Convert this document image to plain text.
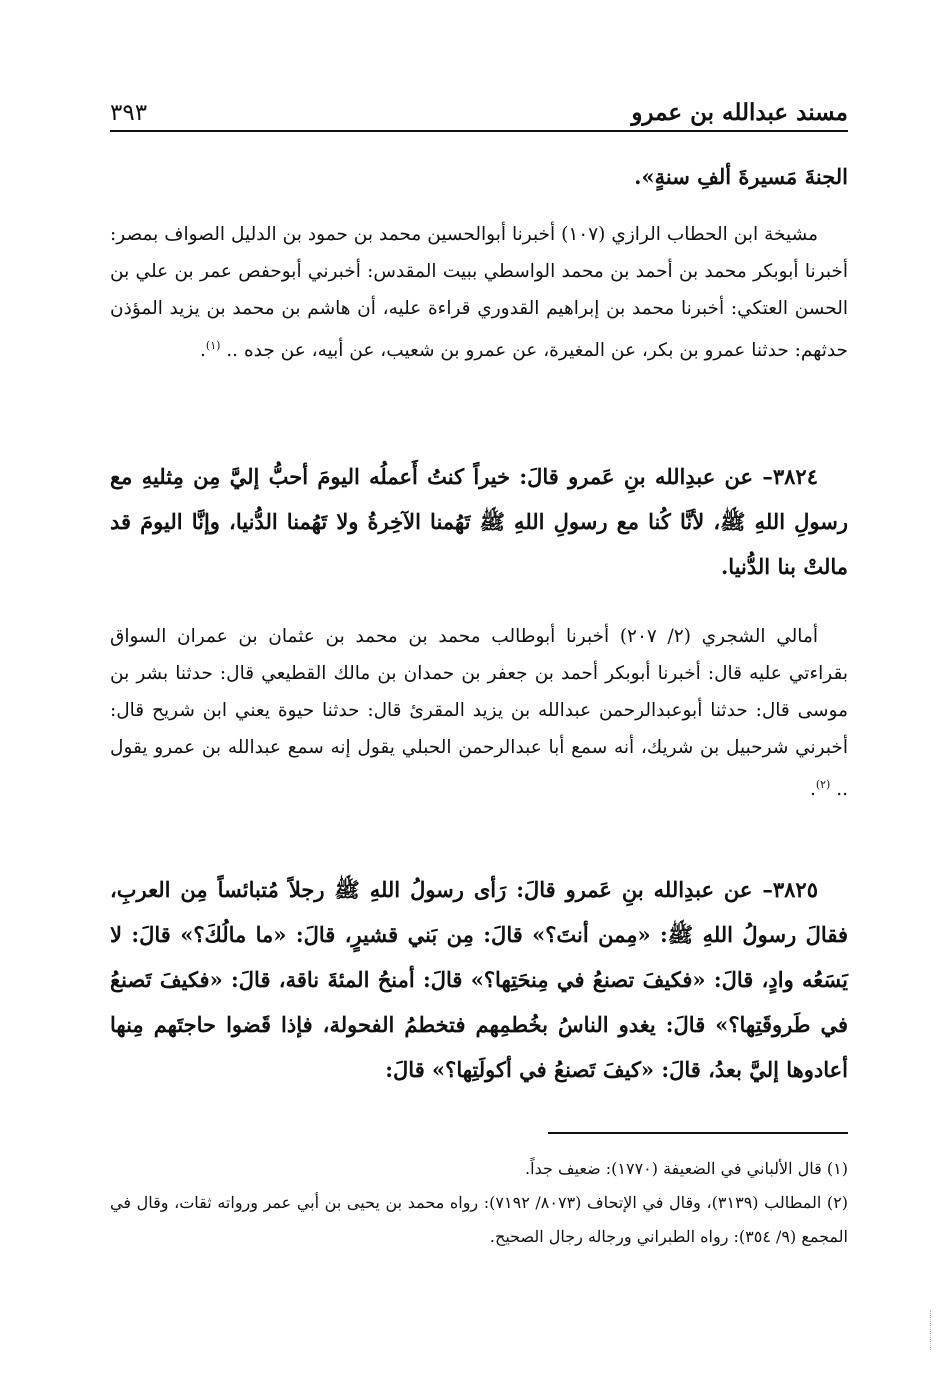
مسند عبدالله بن عمرو
٣٩٣
الجنةَ مَسيرةَ ألفِ سنةٍ».
مشيخة ابن الحطاب الرازي (١٠٧) أخبرنا أبوالحسين محمد بن حمود بن الدليل الصواف بمصر: أخبرنا أبوبكر محمد بن أحمد بن محمد الواسطي ببيت المقدس: أخبرني أبوحفص عمر بن علي بن الحسن العتكي: أخبرنا محمد بن إبراهيم القدوري قراءة عليه، أن هاشم بن محمد بن يزيد المؤذن حدثهم: حدثنا عمرو بن بكر، عن المغيرة، عن عمرو بن شعيب، عن أبيه، عن جده .. $^{(١)}$.
٣٨٢٤– عن عبدِالله بنِ عَمرو قالَ: خيراً كنتُ أَعملُه اليومَ أحبُّ إليَّ مِن مِثليهِ مع رسولِ اللهِ ﷺ، لأنَّا كُنا مع رسولِ اللهِ ﷺ تَهُمنا الآخِرةُ ولا تَهُمنا الدُّنيا، وإنَّا اليومَ قد مالتْ بنا الدُّنيا.
أمالي الشجري (٢/ ٢٠٧) أخبرنا أبوطالب محمد بن محمد بن عثمان بن عمران السواق بقراءتي عليه قال: أخبرنا أبوبكر أحمد بن جعفر بن حمدان بن مالك القطيعي قال: حدثنا بشر بن موسى قال: حدثنا أبوعبدالرحمن عبدالله بن يزيد المقرئ قال: حدثنا حيوة يعني ابن شريح قال: أخبرني شرحبيل بن شريك، أنه سمع أبا عبدالرحمن الحبلي يقول إنه سمع عبدالله بن عمرو يقول .. $^{(٢)}$.
٣٨٢٥– عن عبدِالله بنِ عَمرو قالَ: رَأى رسولُ اللهِ ﷺ رجلاً مُتبائساً مِن العربِ، فقالَ رسولُ اللهِ ﷺ: «مِمن أنتَ؟» قالَ: مِن بَني قشيرٍ، قالَ: «ما مالُكَ؟» قالَ: لا يَسَعُه وادٍ، قالَ: «فكيفَ تصنعُ في مِنحَتِها؟» قالَ: أمنحُ المئةَ ناقة، قالَ: «فكيفَ تَصنعُ في طَروقَتِها؟» قالَ: يغدو الناسُ بخُطمِهم فتخطمُ الفحولة، فإذا قَضوا حاجتَهم مِنها أعادوها إليَّ بعدُ، قالَ: «كيفَ تَصنعُ في أكولَتِها؟» قالَ:
(١) قال الألباني في الضعيفة (١٧٧٠): ضعيف جداً.
(٢) المطالب (٣١٣٩)، وقال في الإتحاف (٨٠٧٣/ ٧١٩٢): رواه محمد بن يحيى بن أبي عمر ورواته ثقات، وقال في المجمع (٩/ ٣٥٤): رواه الطبراني ورجاله رجال الصحيح.
